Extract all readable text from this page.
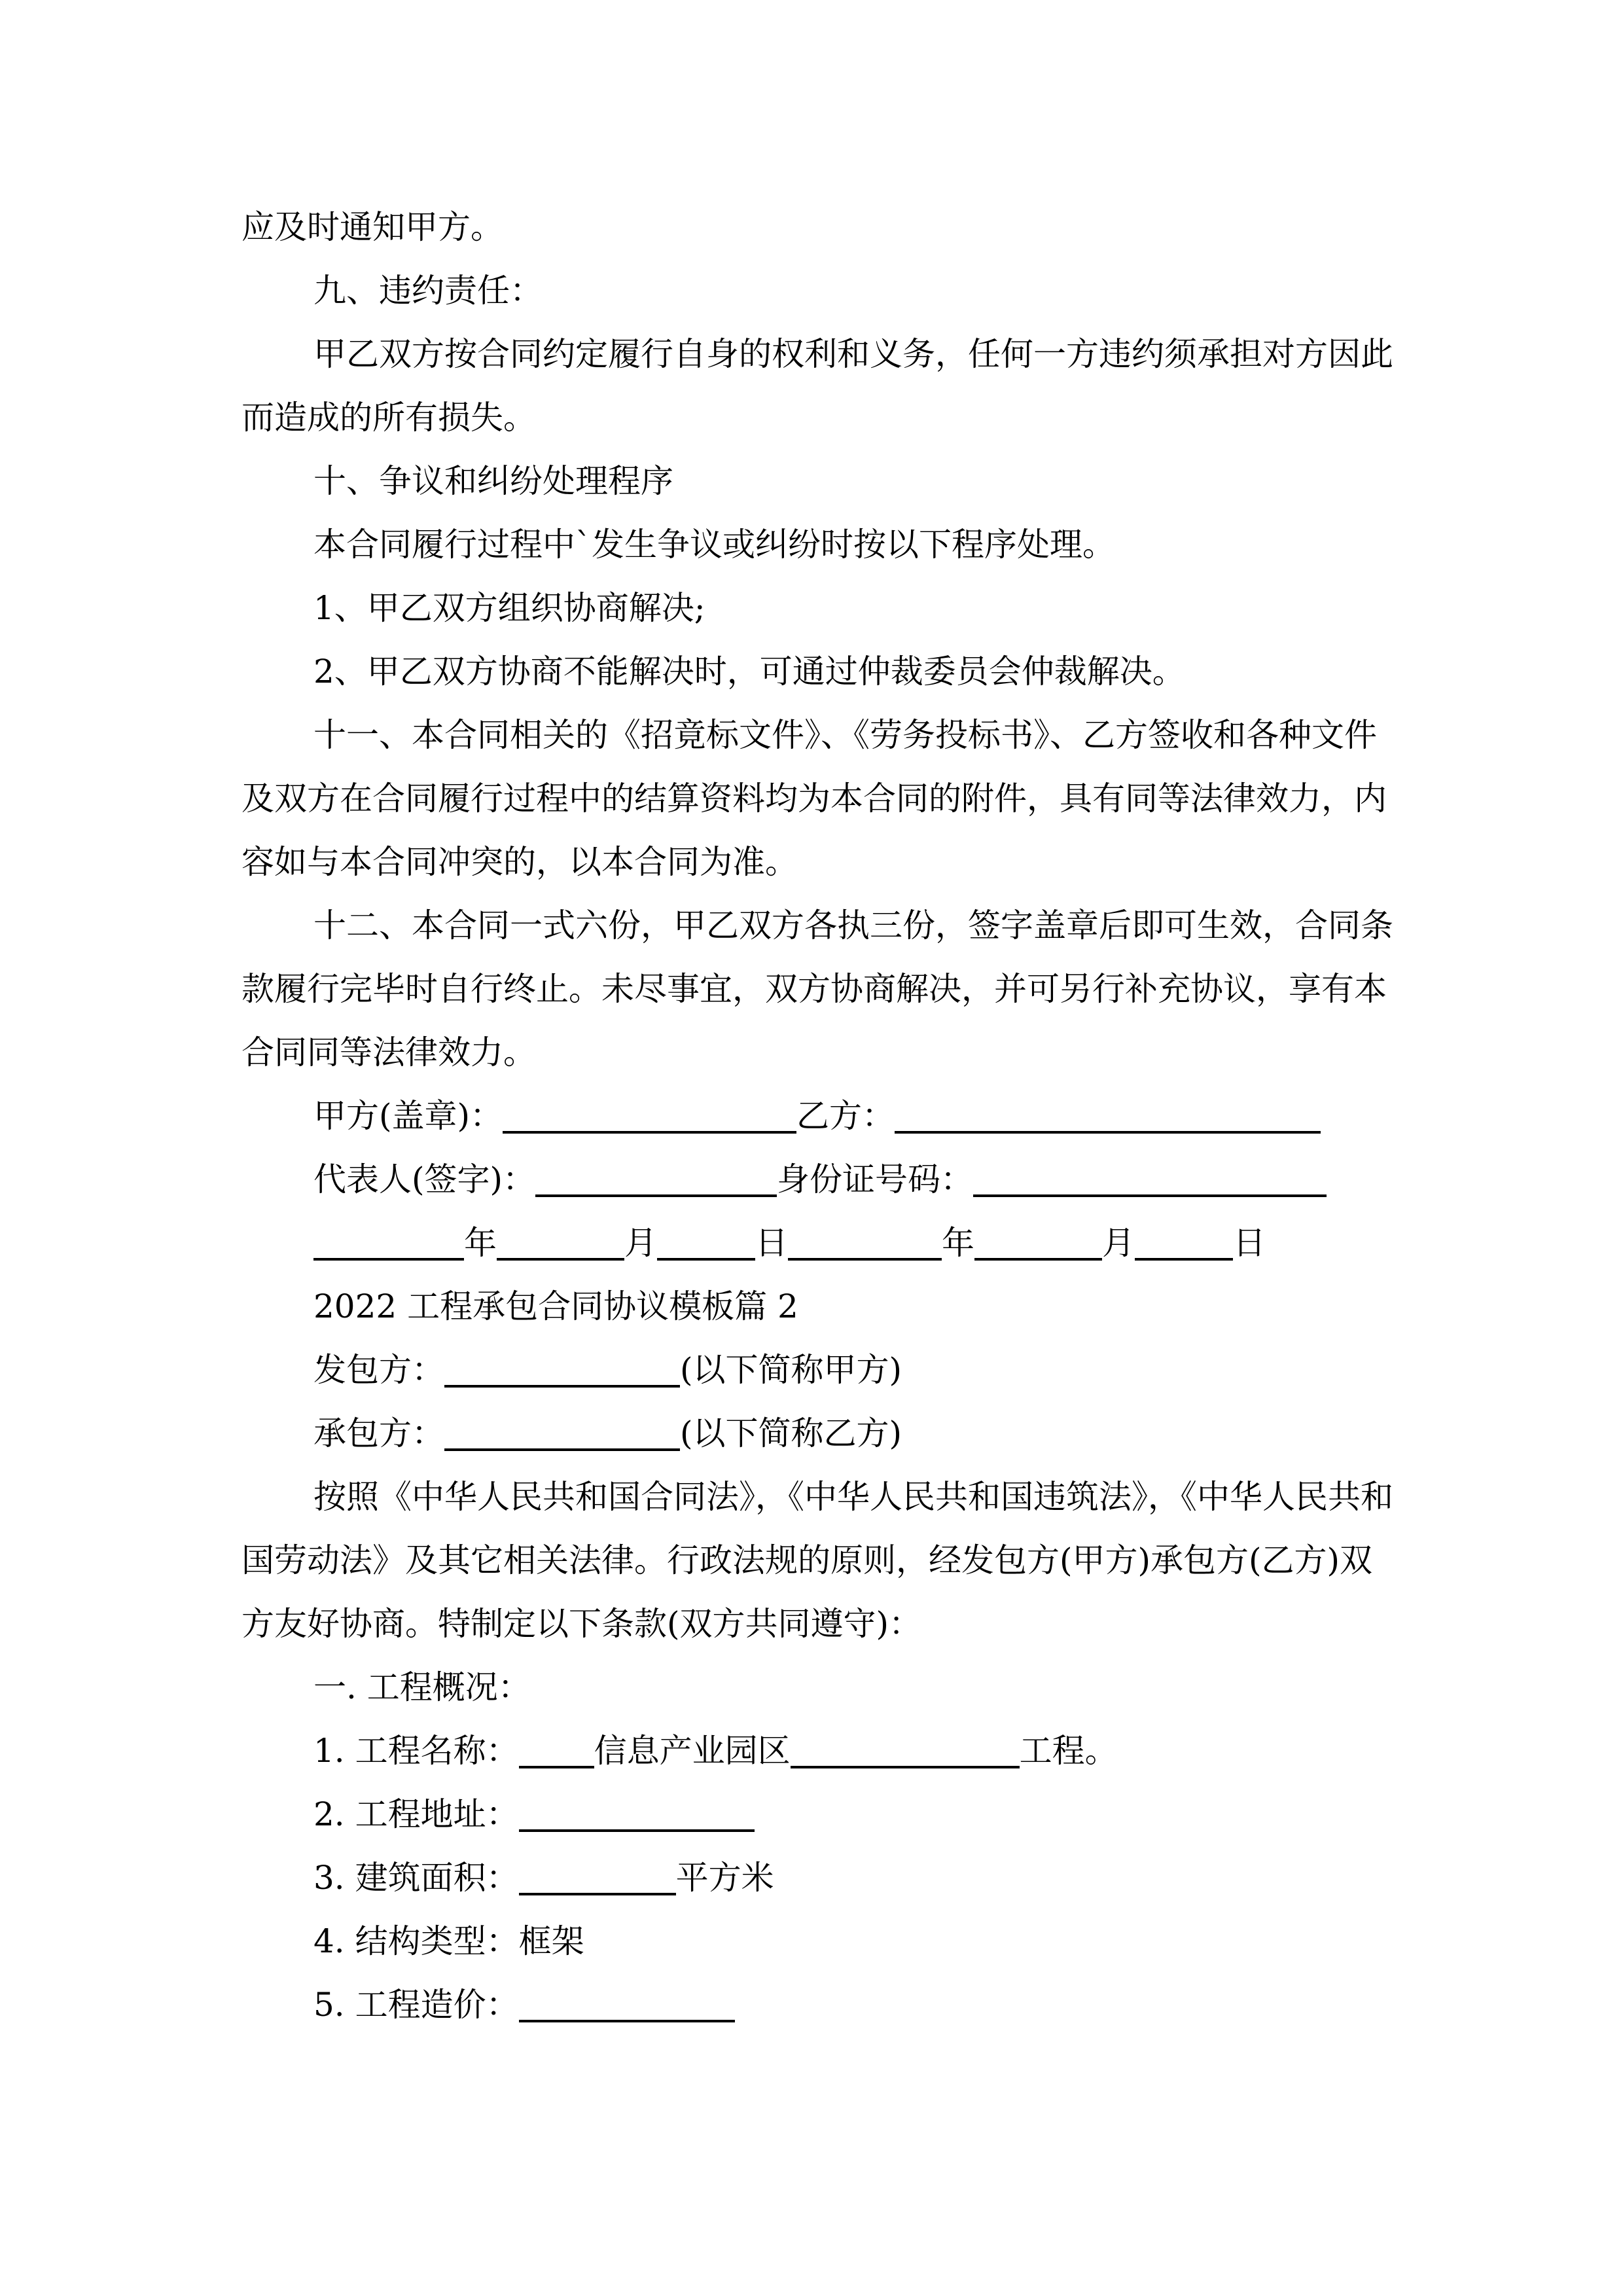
应及时通知甲方。

九、违约责任：

甲乙双方按合同约定履行自身的权利和义务，任何一方违约须承担对方因此

而造成的所有损失。

十、争议和纠纷处理程序

本合同履行过程中`发生争议或纠纷时按以下程序处理。

1、甲乙双方组织协商解决;

2、甲乙双方协商不能解决时，可通过仲裁委员会仲裁解决。

十一、本合同相关的《招竟标文件》、《劳务投标书》、乙方签收和各种文件

及双方在合同履行过程中的结算资料均为本合同的附件，具有同等法律效力，内

容如与本合同冲突的，以本合同为准。

十二、本合同一式六份，甲乙双方各执三份，签字盖章后即可生效，合同条

款履行完毕时自行终止。未尽事宜，双方协商解决，并可另行补充协议，享有本

合同同等法律效力。

甲方(盖章)：	乙方：

代表人(签字)：	身份证号码：

年	月	日	年	月	日

2022 工程承包合同协议模板篇 2

发包方：	(以下简称甲方)

承包方：	(以下简称乙方)

按照《中华人民共和国合同法》，《中华人民共和国违筑法》，《中华人民共和

国劳动法》及其它相关法律。行政法规的原则，经发包方(甲方)承包方(乙方)双

方友好协商。特制定以下条款(双方共同遵守)：

一. 工程概况：

1. 工程名称： 信息产业园区	工程。

2. 工程地址：

3. 建筑面积：	平方米

4. 结构类型：框架

5. 工程造价：
